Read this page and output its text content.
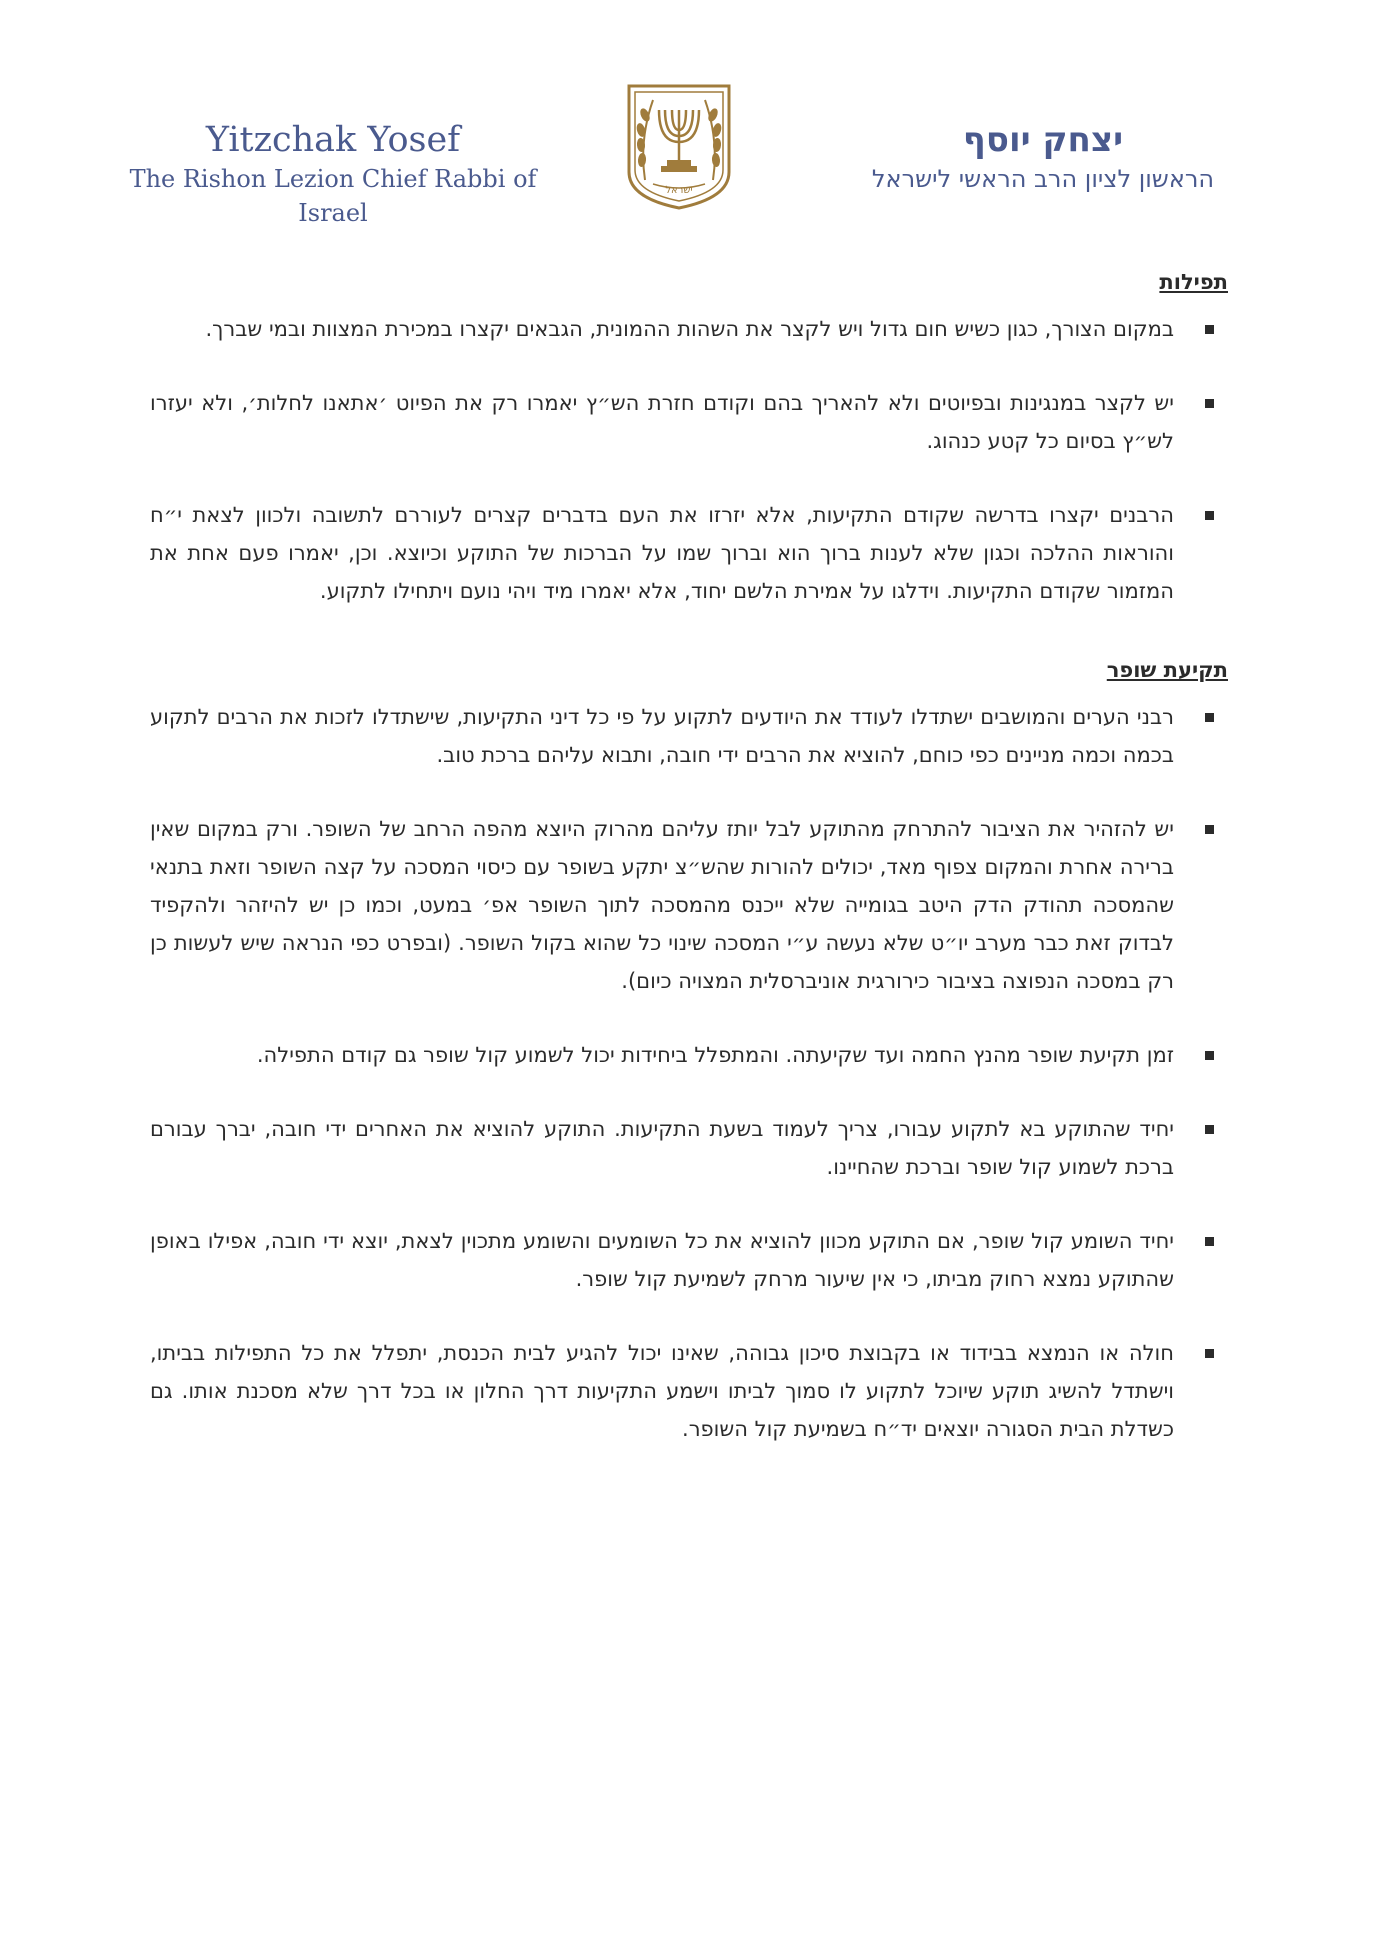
Yitzchak Yosef
The Rishon Lezion Chief Rabbi of Israel
ישראל
יצחק יוסף
הראשון לציון הרב הראשי לישראל
תפילות
במקום הצורך, כגון כשיש חום גדול ויש לקצר את השהות ההמונית, הגבאים יקצרו במכירת המצוות ובמי שברך.
יש לקצר במנגינות ובפיוטים ולא להאריך בהם וקודם חזרת הש״ץ יאמרו רק את הפיוט ׳אתאנו לחלות׳, ולא יעזרו לש״ץ בסיום כל קטע כנהוג.
הרבנים יקצרו בדרשה שקודם התקיעות, אלא יזרזו את העם בדברים קצרים לעוררם לתשובה ולכוון לצאת י״ח והוראות ההלכה וכגון שלא לענות ברוך הוא וברוך שמו על הברכות של התוקע וכיוצא. וכן, יאמרו פעם אחת את המזמור שקודם התקיעות. וידלגו על אמירת הלשם יחוד, אלא יאמרו מיד ויהי נועם ויתחילו לתקוע.
תקיעת שופר
רבני הערים והמושבים ישתדלו לעודד את היודעים לתקוע על פי כל דיני התקיעות, שישתדלו לזכות את הרבים לתקוע בכמה וכמה מניינים כפי כוחם, להוציא את הרבים ידי חובה, ותבוא עליהם ברכת טוב.
יש להזהיר את הציבור להתרחק מהתוקע לבל יותז עליהם מהרוק היוצא מהפה הרחב של השופר. ורק במקום שאין ברירה אחרת והמקום צפוף מאד, יכולים להורות שהש״צ יתקע בשופר עם כיסוי המסכה על קצה השופר וזאת בתנאי שהמסכה תהודק הדק היטב בגומייה שלא ייכנס מהמסכה לתוך השופר אפ׳ במעט, וכמו כן יש להיזהר ולהקפיד לבדוק זאת כבר מערב יו״ט שלא נעשה ע״י המסכה שינוי כל שהוא בקול השופר. (ובפרט כפי הנראה שיש לעשות כן רק במסכה הנפוצה בציבור כירורגית אוניברסלית המצויה כיום).
זמן תקיעת שופר מהנץ החמה ועד שקיעתה. והמתפלל ביחידות יכול לשמוע קול שופר גם קודם התפילה.
יחיד שהתוקע בא לתקוע עבורו, צריך לעמוד בשעת התקיעות. התוקע להוציא את האחרים ידי חובה, יברך עבורם ברכת לשמוע קול שופר וברכת שהחיינו.
יחיד השומע קול שופר, אם התוקע מכוון להוציא את כל השומעים והשומע מתכוין לצאת, יוצא ידי חובה, אפילו באופן שהתוקע נמצא רחוק מביתו, כי אין שיעור מרחק לשמיעת קול שופר.
חולה או הנמצא בבידוד או בקבוצת סיכון גבוהה, שאינו יכול להגיע לבית הכנסת, יתפלל את כל התפילות בביתו, וישתדל להשיג תוקע שיוכל לתקוע לו סמוך לביתו וישמע התקיעות דרך החלון או בכל דרך שלא מסכנת אותו. גם כשדלת הבית הסגורה יוצאים יד״ח בשמיעת קול השופר.
